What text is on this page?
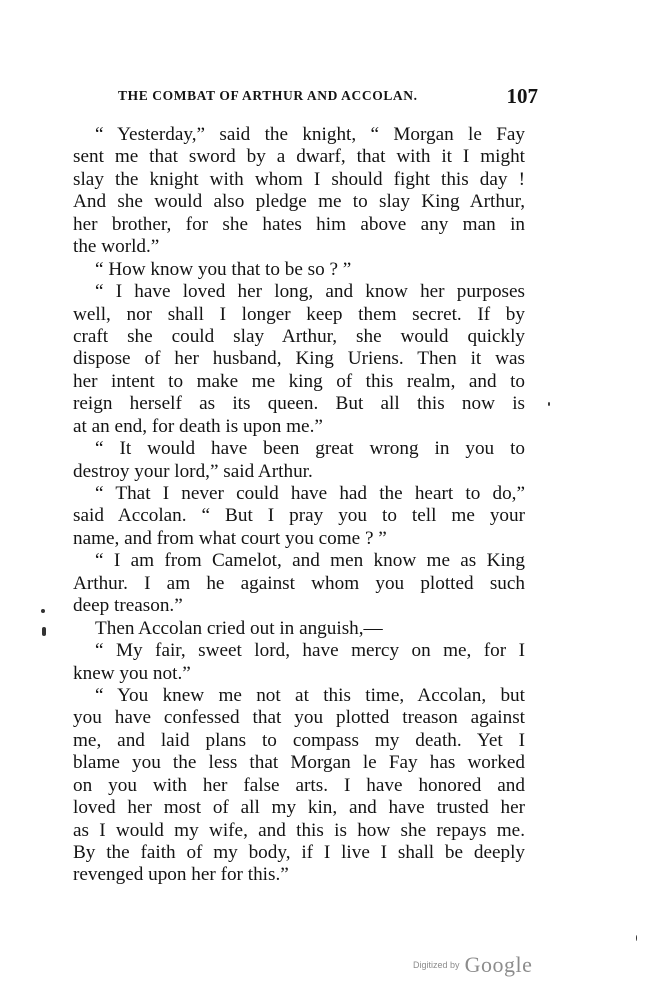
THE COMBAT OF ARTHUR AND ACCOLAN.	107
“ Yesterday,” said the knight, “ Morgan le Fay
sent me that sword by a dwarf, that with it I might
slay the knight with whom I should fight this day !
And she would also pledge me to slay King Arthur,
her brother, for she hates him above any man in
the world.”
“ How know you that to be so ? ”
“ I have loved her long, and know her purposes
well, nor shall I longer keep them secret. If by
craft she could slay Arthur, she would quickly
dispose of her husband, King Uriens. Then it was
her intent to make me king of this realm, and to
reign herself as its queen. But all this now is
at an end, for death is upon me.”
“ It would have been great wrong in you to
destroy your lord,” said Arthur.
“ That I never could have had the heart to do,”
said Accolan. “ But I pray you to tell me your
name, and from what court you come ? ”
“ I am from Camelot, and men know me as King
Arthur. I am he against whom you plotted such
deep treason.”
Then Accolan cried out in anguish,—
“ My fair, sweet lord, have mercy on me, for I
knew you not.”
“ You knew me not at this time, Accolan, but
you have confessed that you plotted treason against
me, and laid plans to compass my death. Yet I
blame you the less that Morgan le Fay has worked
on you with her false arts. I have honored and
loved her most of all my kin, and have trusted her
as I would my wife, and this is how she repays me.
By the faith of my body, if I live I shall be deeply
revenged upon her for this.”
Digitized by Google
